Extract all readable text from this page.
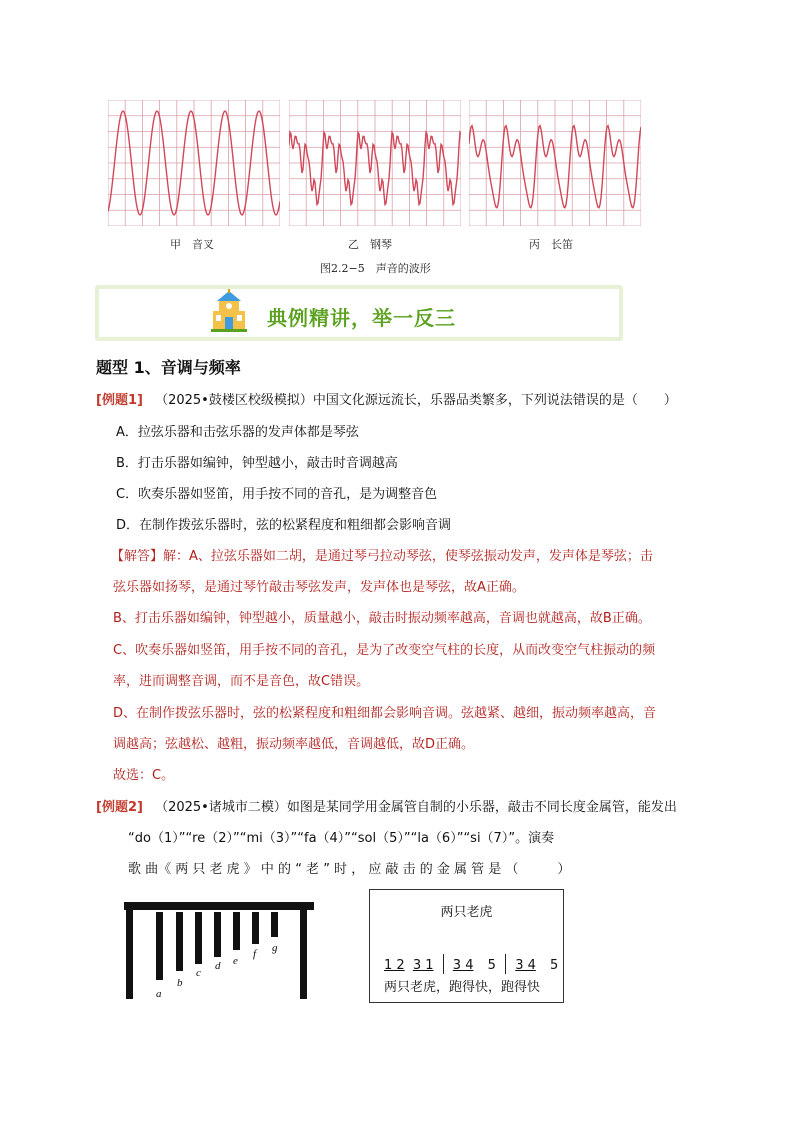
甲　音叉	乙　钢琴	丙　长笛
图2.2−5　声音的波形
典例精讲，举一反三
题型 1、音调与频率
[例题1] （2025•鼓楼区校级模拟）中国文化源远流长，乐器品类繁多，下列说法错误的是（　　）
A．拉弦乐器和击弦乐器的发声体都是琴弦
B．打击乐器如编钟，钟型越小，敲击时音调越高
C．吹奏乐器如竖笛，用手按不同的音孔，是为调整音色
D．在制作拨弦乐器时，弦的松紧程度和粗细都会影响音调
【解答】解：A、拉弦乐器如二胡，是通过琴弓拉动琴弦，使琴弦振动发声，发声体是琴弦；击
弦乐器如扬琴，是通过琴竹敲击琴弦发声，发声体也是琴弦，故A正确。
B、打击乐器如编钟，钟型越小，质量越小，敲击时振动频率越高，音调也就越高，故B正确。
C、吹奏乐器如竖笛，用手按不同的音孔，是为了改变空气柱的长度，从而改变空气柱振动的频
率，进而调整音调，而不是音色，故C错误。
D、在制作拨弦乐器时，弦的松紧程度和粗细都会影响音调。弦越紧、越细，振动频率越高，音
调越高；弦越松、越粗，振动频率越低，音调越低，故D正确。
故选：C。
[例题2] （2025•诸城市二模）如图是某同学用金属管自制的小乐器，敲击不同长度金属管，能发出
“do（1）”“re（2）”“mi（3）”“fa（4）”“sol（5）”“la（6）”“si（7）”。演奏
歌 曲《 两 只 老 虎 》 中 的 “ 老 ” 时 ， 应 敲 击 的 金 属 管 是 （　　　）
a
b
c
d e
f g
两只老虎
1 2 3 1 3 4 5 3 4 5
两只老虎，跑得快，跑得快
